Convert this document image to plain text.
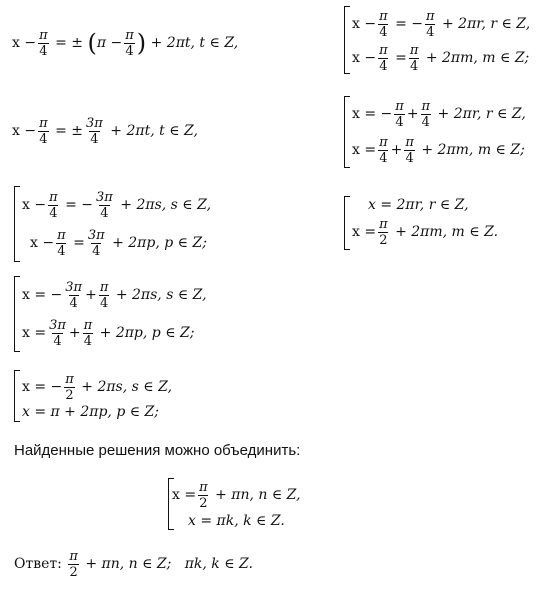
x
− $\frac{\pi}{4}$
= ±
( π
− $\frac{\pi}{4}$ )
+ 2πt, t ∈ Z,
x
− $\frac{\pi}{4}$
= ± $\frac{3\pi}{4}$
+ 2πt, t ∈ Z,
$x - \frac{\pi}{4}$
= − $\frac{3\pi}{4}$
+ 2πs, s ∈ Z,
$x - \frac{\pi}{4}$
= $\frac{3\pi}{4}$
+ 2πp, p ∈ Z;
x = − $\frac{3\pi}{4} + \frac{\pi}{4}$
+ 2πs, s ∈ Z,
$x = \frac{3\pi}{4} + \frac{\pi}{4}$
+ 2πp, p ∈ Z;
x = − $\frac{\pi}{2}$
+ 2πs, s ∈ Z,
x = π + 2πp, p ∈ Z;
$x - \frac{\pi}{4}$
= − $\frac{\pi}{4}$
+ 2πr, r ∈ Z,
$x - \frac{\pi}{4}$
= $\frac{\pi}{4}$
+ 2πm, m ∈ Z;
x = − $\frac{\pi}{4} + \frac{\pi}{4}$
+ 2πr, r ∈ Z,
$x = \frac{\pi}{4} + \frac{\pi}{4}$
+ 2πm, m ∈ Z;
x = 2πr, r ∈ Z,
$x = \frac{\pi}{2}$
+ 2πm, m ∈ Z.
Найденные решения можно объединить:
$x = \frac{\pi}{2}$
+ πn, n ∈ Z,
x = πk, k ∈ Z.
Ответ:
$\frac{\pi}{2}$
+ πn, n ∈ Z;
πk, k ∈ Z.
